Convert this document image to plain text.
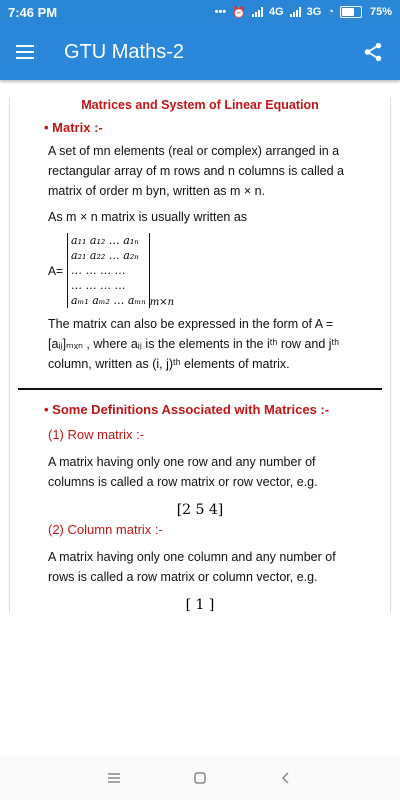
7:46 PM	••• ⏰ 4G 3G ◔	75%
GTU Maths-2
Matrices and System of Linear Equation
• Matrix :-
A set of mn elements (real or complex) arranged in a rectangular array of m rows and n columns is called a matrix of order m byn, written as m × n.
As m × n matrix is usually written as
A=
a₁₁ a₁₂ … a₁ₙ
a₂₁ a₂₂ … a₂ₙ
… … … …
… … … …
aₘ₁ aₘ₂ … aₘₙ m×n
The matrix can also be expressed in the form of A = [aᵢⱼ]ₘₓₙ , where aᵢⱼ is the elements in the iᵗʰ row and jᵗʰ column, written as (i, j)ᵗʰ elements of matrix.
• Some Definitions Associated with Matrices :-
(1) Row matrix :-
A matrix having only one row and any number of columns is called a row matrix or row vector, e.g.
[2 5 4]
(2) Column matrix :-
A matrix having only one column and any number of rows is called a row matrix or column vector, e.g.
[ 1 ]
